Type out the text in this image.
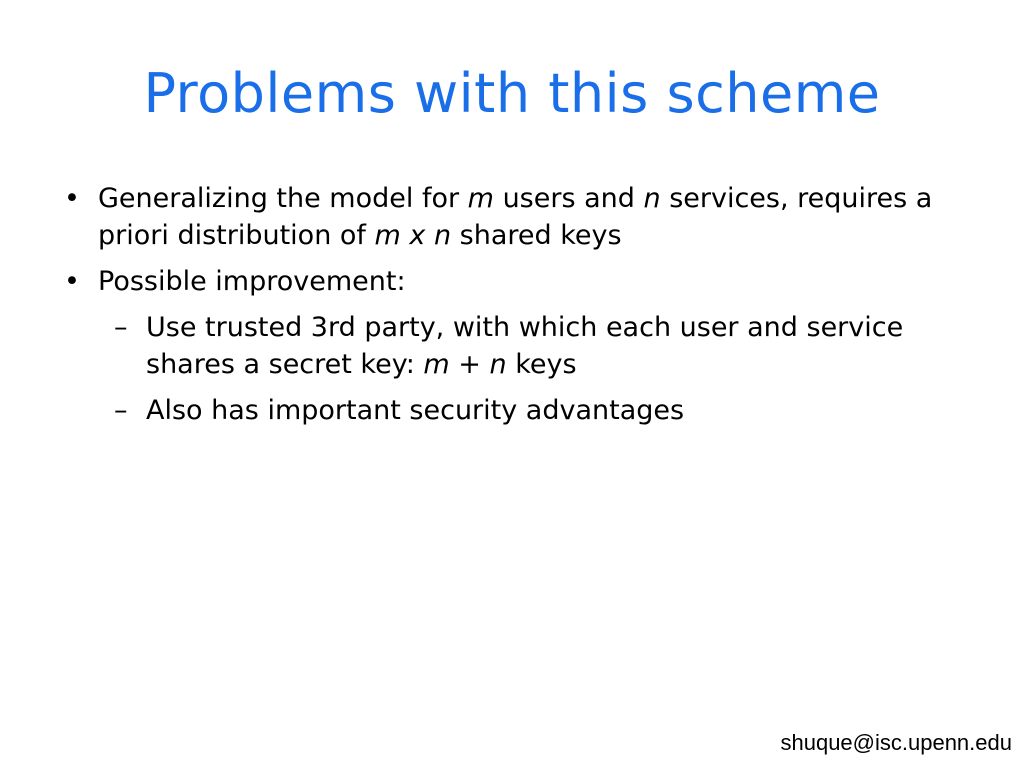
Problems with this scheme
• Generalizing the model for m users and n services, requires a priori distribution of m x n shared keys
• Possible improvement:
– Use trusted 3rd party, with which each user and service shares a secret key: m + n keys
– Also has important security advantages
shuque@isc.upenn.edu
